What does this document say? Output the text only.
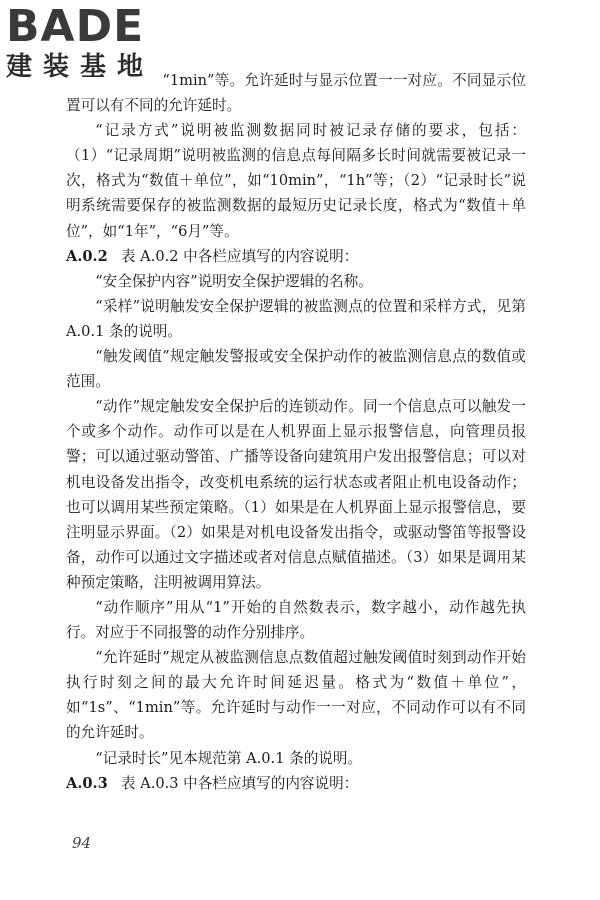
BADE
建装基地 “1min”等。允许延时与显示位置一一对应。不同显示位置可以有不同的允许延时。

“记录方式”说明被监测数据同时被记录存储的要求，包括：（1）“记录周期”说明被监测的信息点每间隔多长时间就需要被记录一次，格式为“数值＋单位”，如“10min”，“1h”等；（2）“记录时长”说明系统需要保存的被监测数据的最短历史记录长度，格式为“数值＋单位”，如“1年”，“6月”等。

A.0.2 表 A.0.2 中各栏应填写的内容说明：

“安全保护内容”说明安全保护逻辑的名称。

“采样”说明触发安全保护逻辑的被监测点的位置和采样方式，见第 A.0.1 条的说明。

“触发阈值”规定触发警报或安全保护动作的被监测信息点的数值或范围。

“动作”规定触发安全保护后的连锁动作。同一个信息点可以触发一个或多个动作。动作可以是在人机界面上显示报警信息，向管理员报警；可以通过驱动警笛、广播等设备向建筑用户发出报警信息；可以对机电设备发出指令，改变机电系统的运行状态或者阻止机电设备动作；也可以调用某些预定策略。（1）如果是在人机界面上显示报警信息，要注明显示界面。（2）如果是对机电设备发出指令，或驱动警笛等报警设备，动作可以通过文字描述或者对信息点赋值描述。（3）如果是调用某种预定策略，注明被调用算法。

“动作顺序”用从“1”开始的自然数表示，数字越小，动作越先执行。对应于不同报警的动作分别排序。

“允许延时”规定从被监测信息点数值超过触发阈值时刻到动作开始执行时刻之间的最大允许时间延迟量。格式为“数值＋单位”，如“1s”、“1min”等。允许延时与动作一一对应，不同动作可以有不同的允许延时。

“记录时长”见本规范第 A.0.1 条的说明。

A.0.3 表 A.0.3 中各栏应填写的内容说明：

94
